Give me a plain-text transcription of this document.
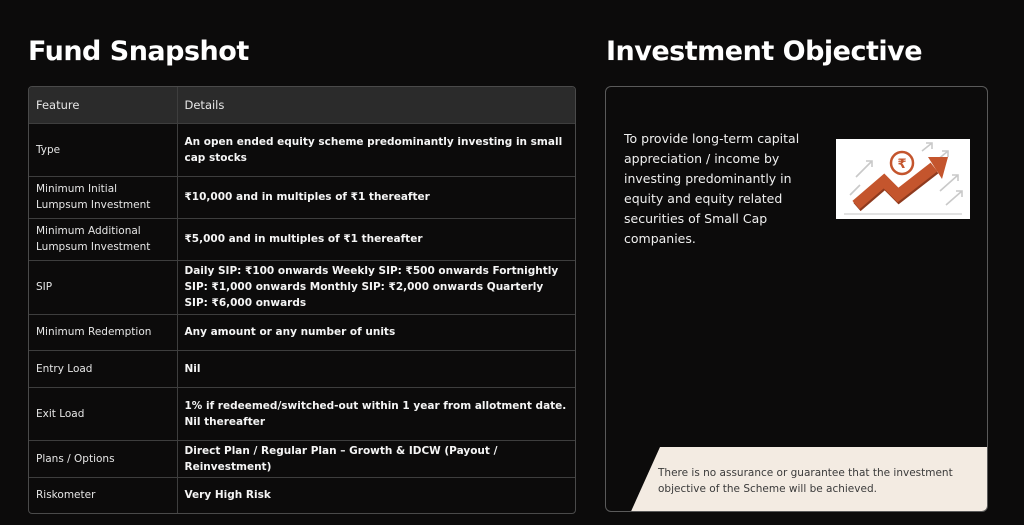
Fund Snapshot	Investment Objective
Feature	Details
Type	An open ended equity scheme predominantly investing in small cap stocks
Minimum Initial Lumpsum Investment	₹10,000 and in multiples of ₹1 thereafter
Minimum Additional Lumpsum Investment	₹5,000 and in multiples of ₹1 thereafter
SIP	Daily SIP: ₹100 onwards Weekly SIP: ₹500 onwards Fortnightly SIP: ₹1,000 onwards Monthly SIP: ₹2,000 onwards Quarterly SIP: ₹6,000 onwards
Minimum Redemption	Any amount or any number of units
Entry Load	Nil
Exit Load	1% if redeemed/switched-out within 1 year from allotment date. Nil thereafter
Plans / Options	Direct Plan / Regular Plan – Growth & IDCW (Payout / Reinvestment)
Riskometer	Very High Risk

To provide long-term capital appreciation / income by investing predominantly in equity and equity related securities of Small Cap companies.

₹

There is no assurance or guarantee that the investment objective of the Scheme will be achieved.
